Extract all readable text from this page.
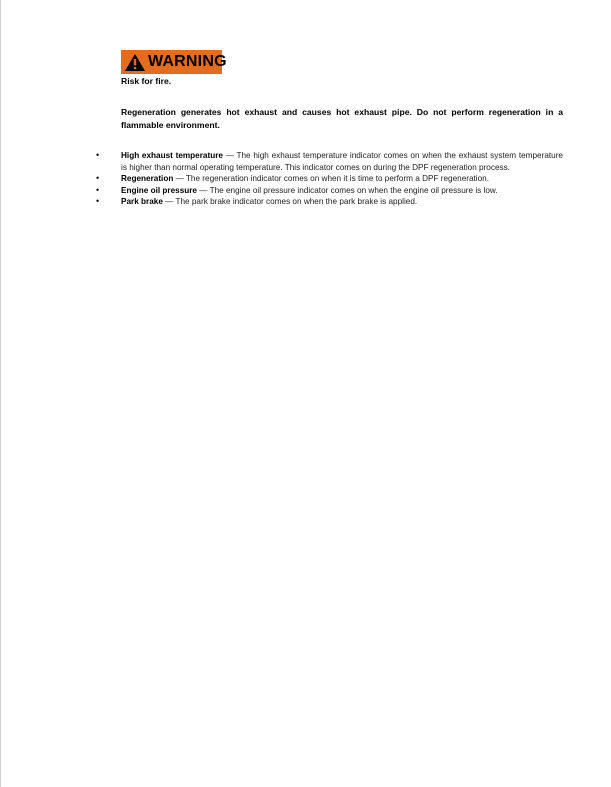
WARNING
Risk for fire.
Regeneration generates hot exhaust and causes hot exhaust pipe. Do not perform regeneration in a flammable environment.
•	High exhaust temperature — The high exhaust temperature indicator comes on when the exhaust system temperature is higher than normal operating temperature. This indicator comes on during the DPF regeneration process.
•	Regeneration — The regeneration indicator comes on when it is time to perform a DPF regeneration.
•	Engine oil pressure — The engine oil pressure indicator comes on when the engine oil pressure is low.
•	Park brake — The park brake indicator comes on when the park brake is applied.
